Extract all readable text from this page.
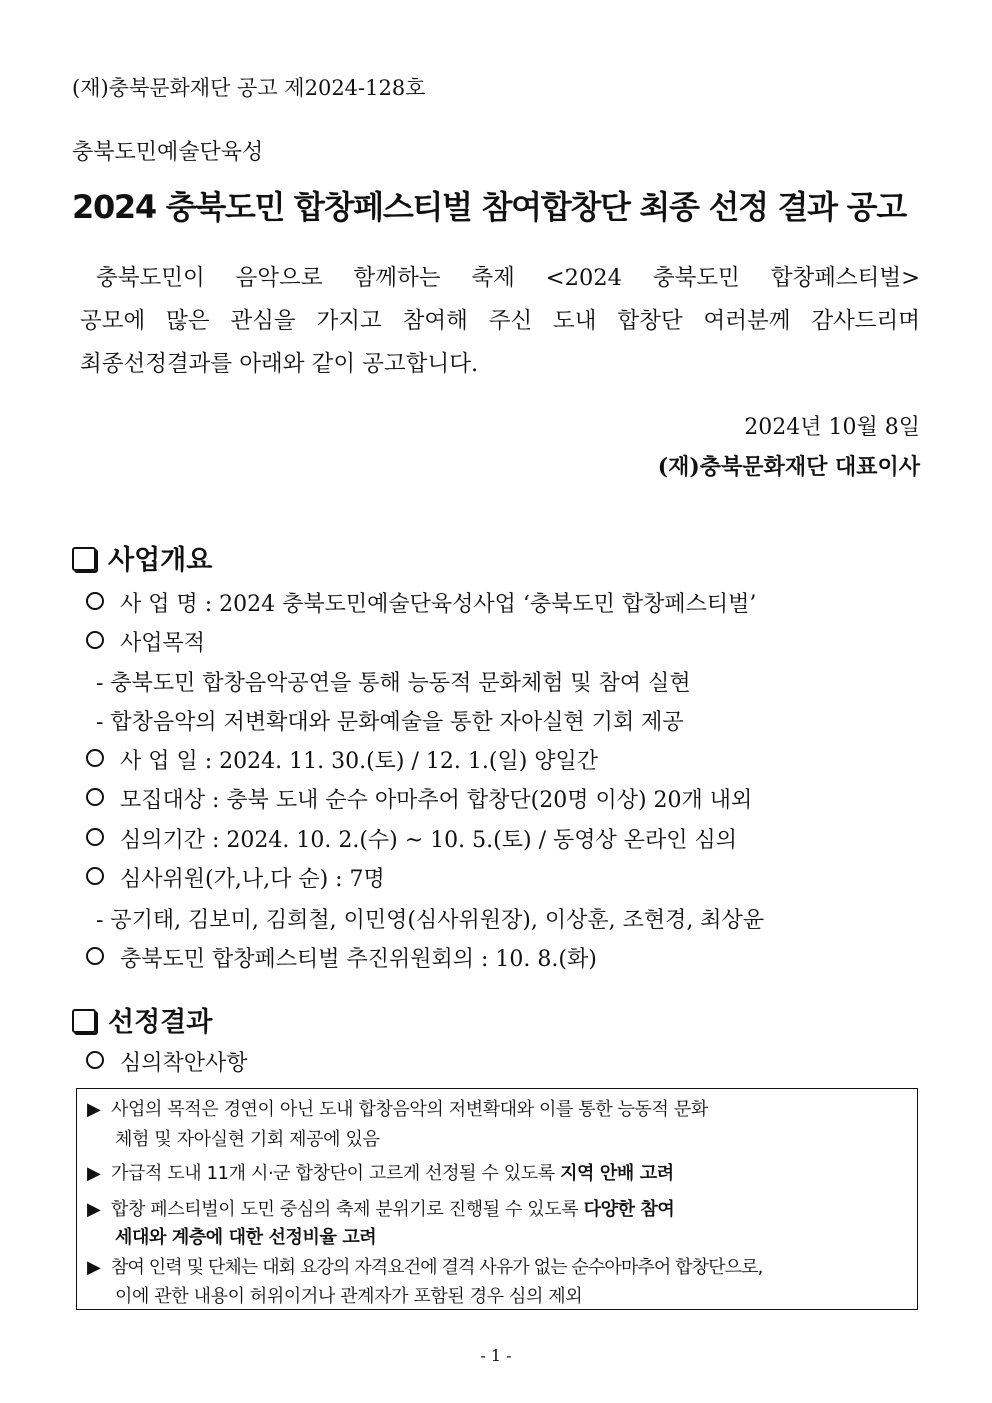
(재)충북문화재단 공고 제2024-128호
충북도민예술단육성
2024 충북도민 합창페스티벌 참여합창단 최종 선정 결과 공고
충북도민이 음악으로 함께하는 축제 <2024 충북도민 합창페스티벌>
공모에 많은 관심을 가지고 참여해 주신 도내 합창단 여러분께 감사드리며
최종선정결과를 아래와 같이 공고합니다.
2024년 10월 8일
(재)충북문화재단 대표이사
사업개요
사 업 명 : 2024 충북도민예술단육성사업 ‘충북도민 합창페스티벌’
사업목적
- 충북도민 합창음악공연을 통해 능동적 문화체험 및 참여 실현
- 합창음악의 저변확대와 문화예술을 통한 자아실현 기회 제공
사 업 일 : 2024. 11. 30.(토) / 12. 1.(일) 양일간
모집대상 : 충북 도내 순수 아마추어 합창단(20명 이상) 20개 내외
심의기간 : 2024. 10. 2.(수) ~ 10. 5.(토) / 동영상 온라인 심의
심사위원(가,나,다 순) : 7명
- 공기태, 김보미, 김희철, 이민영(심사위원장), 이상훈, 조현경, 최상윤
충북도민 합창페스티벌 추진위원회의 : 10. 8.(화)
선정결과
심의착안사항
▶ 사업의 목적은 경연이 아닌 도내 합창음악의 저변확대와 이를 통한 능동적 문화
체험 및 자아실현 기회 제공에 있음
▶ 가급적 도내 11개 시·군 합창단이 고르게 선정될 수 있도록 지역 안배 고려
▶ 합창 페스티벌이 도민 중심의 축제 분위기로 진행될 수 있도록 다양한 참여
세대와 계층에 대한 선정비율 고려
▶ 참여 인력 및 단체는 대회 요강의 자격요건에 결격 사유가 없는 순수아마추어 합창단으로,
이에 관한 내용이 허위이거나 관계자가 포함된 경우 심의 제외
- 1 -
